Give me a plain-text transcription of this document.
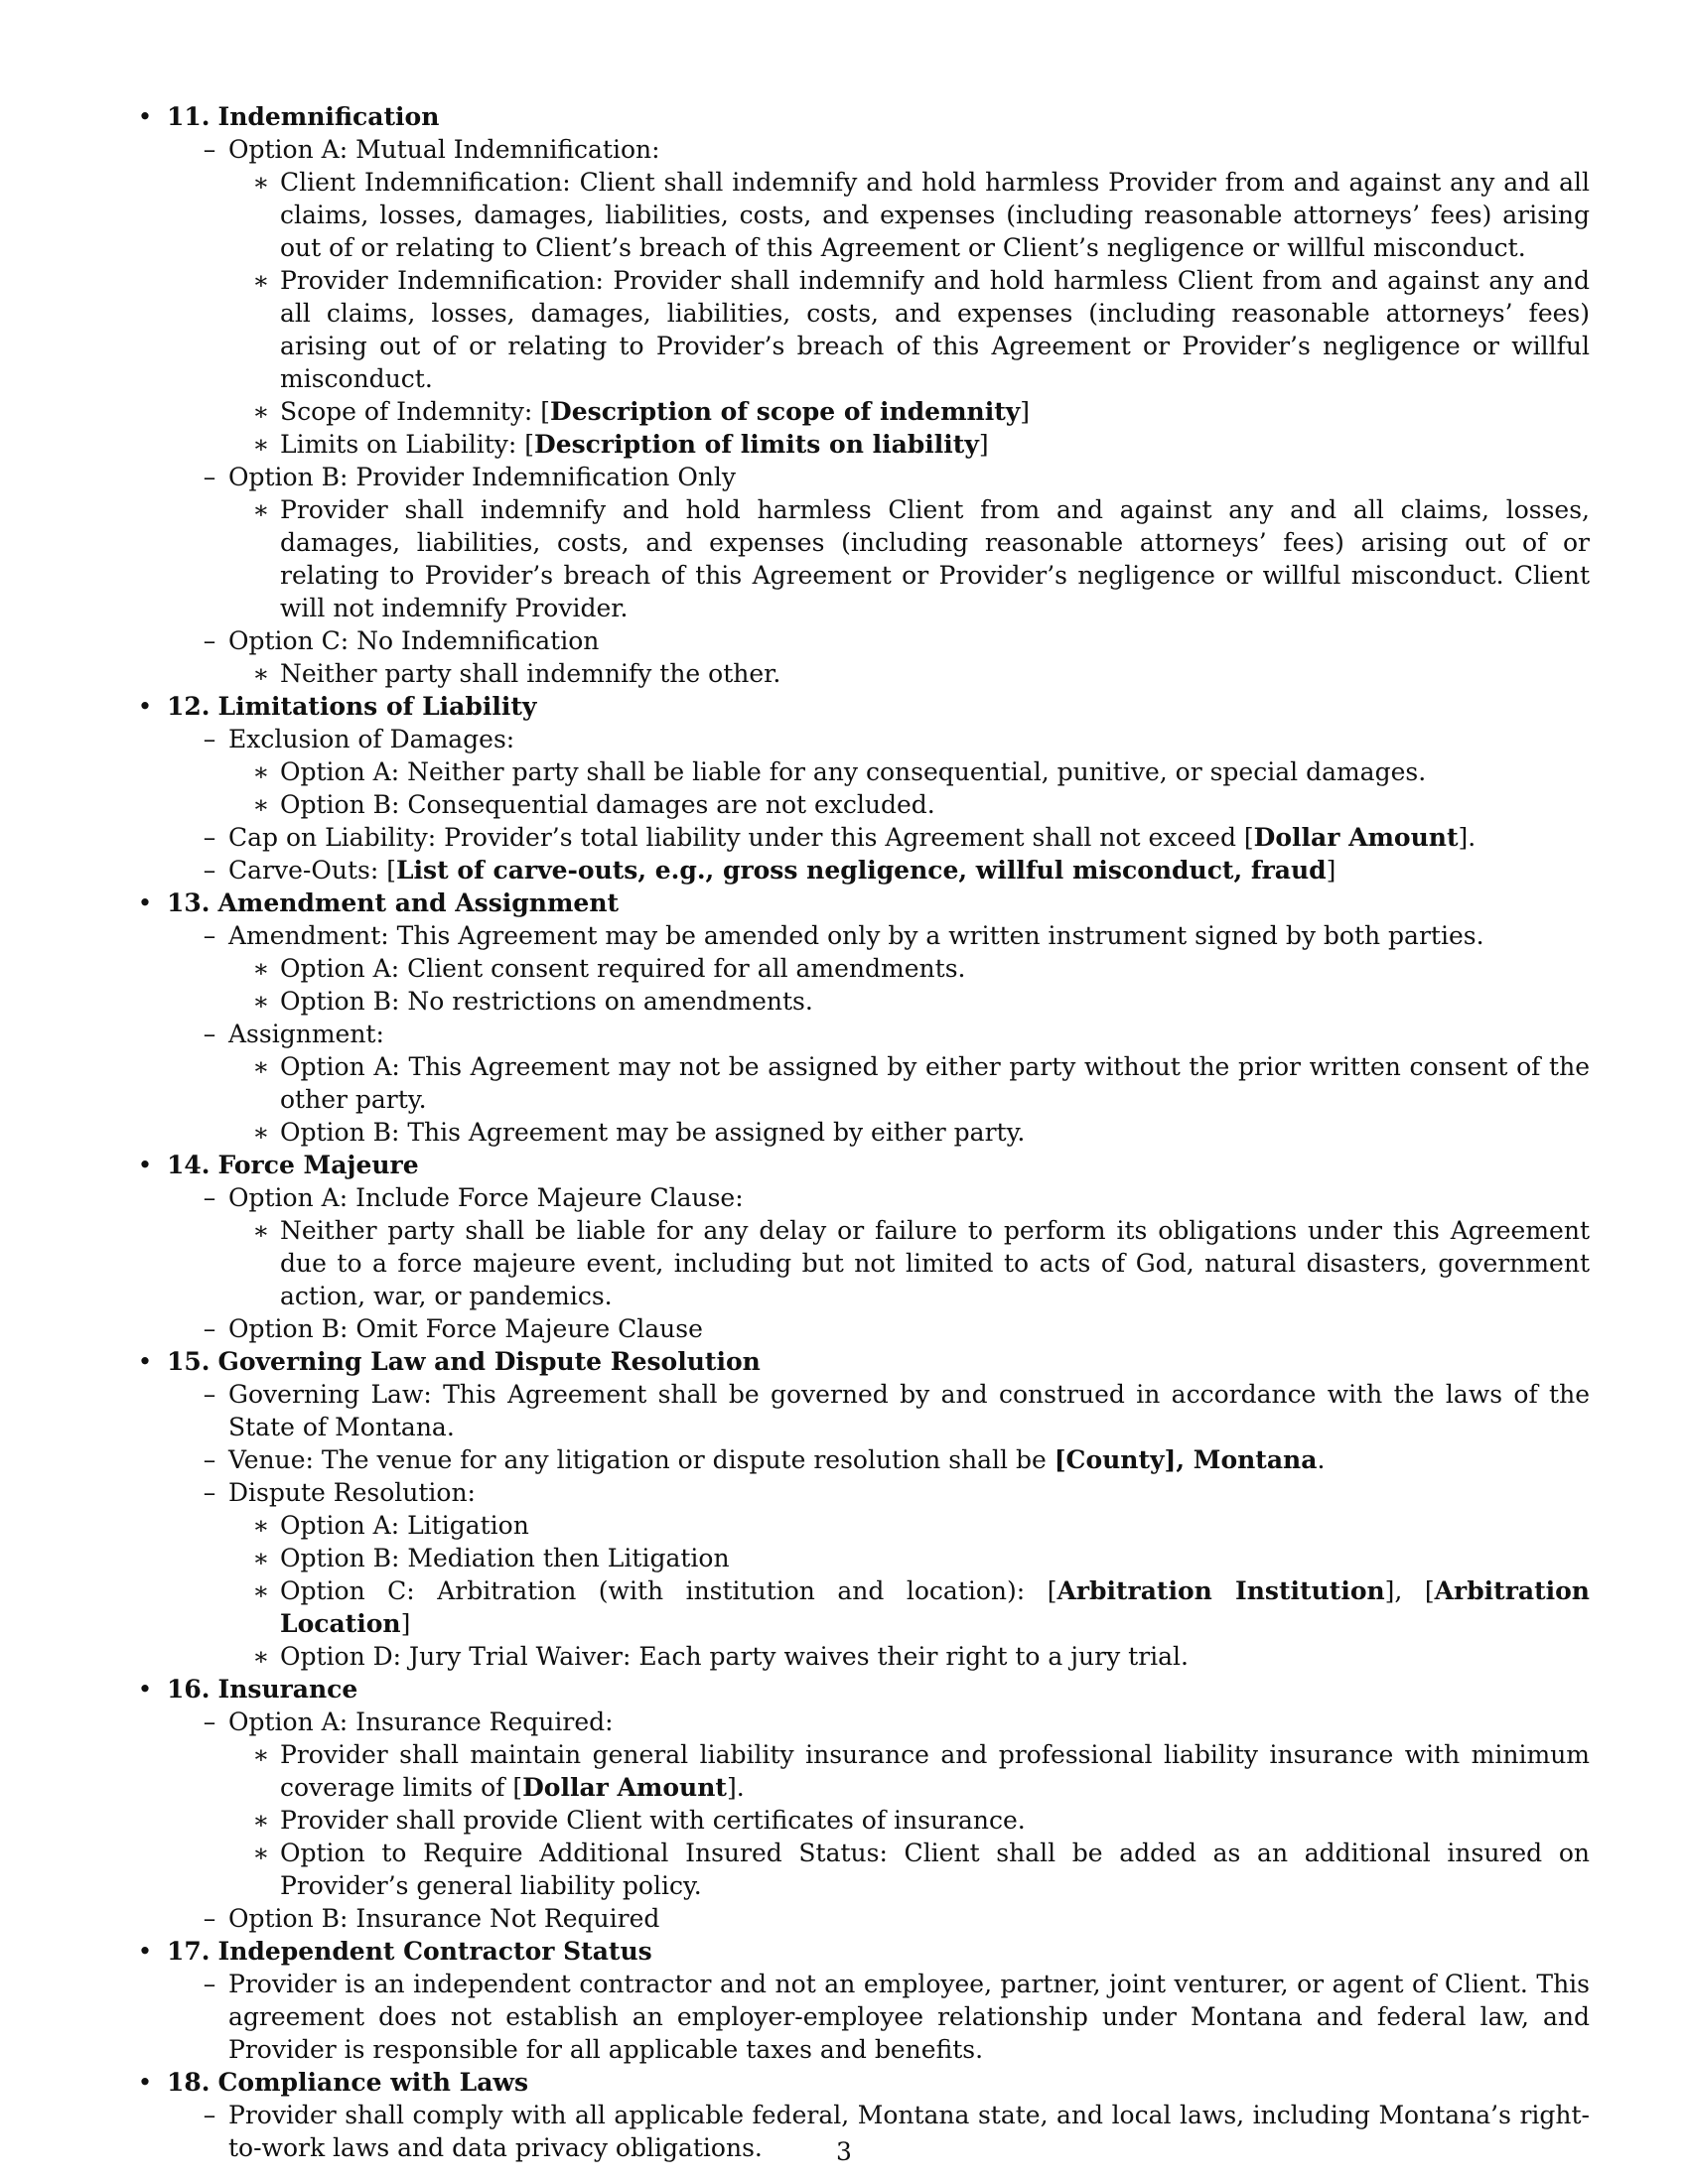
• 11. Indemnification
– Option A: Mutual Indemnification:
∗ Client Indemnification: Client shall indemnify and hold harmless Provider from and against any and all claims, losses, damages, liabilities, costs, and expenses (including reasonable attorneys’ fees) arising out of or relating to Client’s breach of this Agreement or Client’s negligence or willful misconduct.
∗ Provider Indemnification: Provider shall indemnify and hold harmless Client from and against any and all claims, losses, damages, liabilities, costs, and expenses (including reasonable attorneys’ fees) arising out of or relating to Provider’s breach of this Agreement or Provider’s negligence or willful misconduct.
∗ Scope of Indemnity: [Description of scope of indemnity]
∗ Limits on Liability: [Description of limits on liability]
– Option B: Provider Indemnification Only
∗ Provider shall indemnify and hold harmless Client from and against any and all claims, losses, damages, liabilities, costs, and expenses (including reasonable attorneys’ fees) arising out of or relating to Provider’s breach of this Agreement or Provider’s negligence or willful misconduct. Client will not indemnify Provider.
– Option C: No Indemnification
∗ Neither party shall indemnify the other.
• 12. Limitations of Liability
– Exclusion of Damages:
∗ Option A: Neither party shall be liable for any consequential, punitive, or special damages.
∗ Option B: Consequential damages are not excluded.
– Cap on Liability: Provider’s total liability under this Agreement shall not exceed [Dollar Amount].
– Carve-Outs: [List of carve-outs, e.g., gross negligence, willful misconduct, fraud]
• 13. Amendment and Assignment
– Amendment: This Agreement may be amended only by a written instrument signed by both parties.
∗ Option A: Client consent required for all amendments.
∗ Option B: No restrictions on amendments.
– Assignment:
∗ Option A: This Agreement may not be assigned by either party without the prior written consent of the other party.
∗ Option B: This Agreement may be assigned by either party.
• 14. Force Majeure
– Option A: Include Force Majeure Clause:
∗ Neither party shall be liable for any delay or failure to perform its obligations under this Agreement due to a force majeure event, including but not limited to acts of God, natural disasters, government action, war, or pandemics.
– Option B: Omit Force Majeure Clause
• 15. Governing Law and Dispute Resolution
– Governing Law: This Agreement shall be governed by and construed in accordance with the laws of the State of Montana.
– Venue: The venue for any litigation or dispute resolution shall be [County], Montana.
– Dispute Resolution:
∗ Option A: Litigation
∗ Option B: Mediation then Litigation
∗ Option C: Arbitration (with institution and location): [Arbitration Institution], [Arbitration Location]
∗ Option D: Jury Trial Waiver: Each party waives their right to a jury trial.
• 16. Insurance
– Option A: Insurance Required:
∗ Provider shall maintain general liability insurance and professional liability insurance with minimum coverage limits of [Dollar Amount].
∗ Provider shall provide Client with certificates of insurance.
∗ Option to Require Additional Insured Status: Client shall be added as an additional insured on Provider’s general liability policy.
– Option B: Insurance Not Required
• 17. Independent Contractor Status
– Provider is an independent contractor and not an employee, partner, joint venturer, or agent of Client. This agreement does not establish an employer-employee relationship under Montana and federal law, and Provider is responsible for all applicable taxes and benefits.
• 18. Compliance with Laws
– Provider shall comply with all applicable federal, Montana state, and local laws, including Montana’s right-to-work laws and data privacy obligations.	3
